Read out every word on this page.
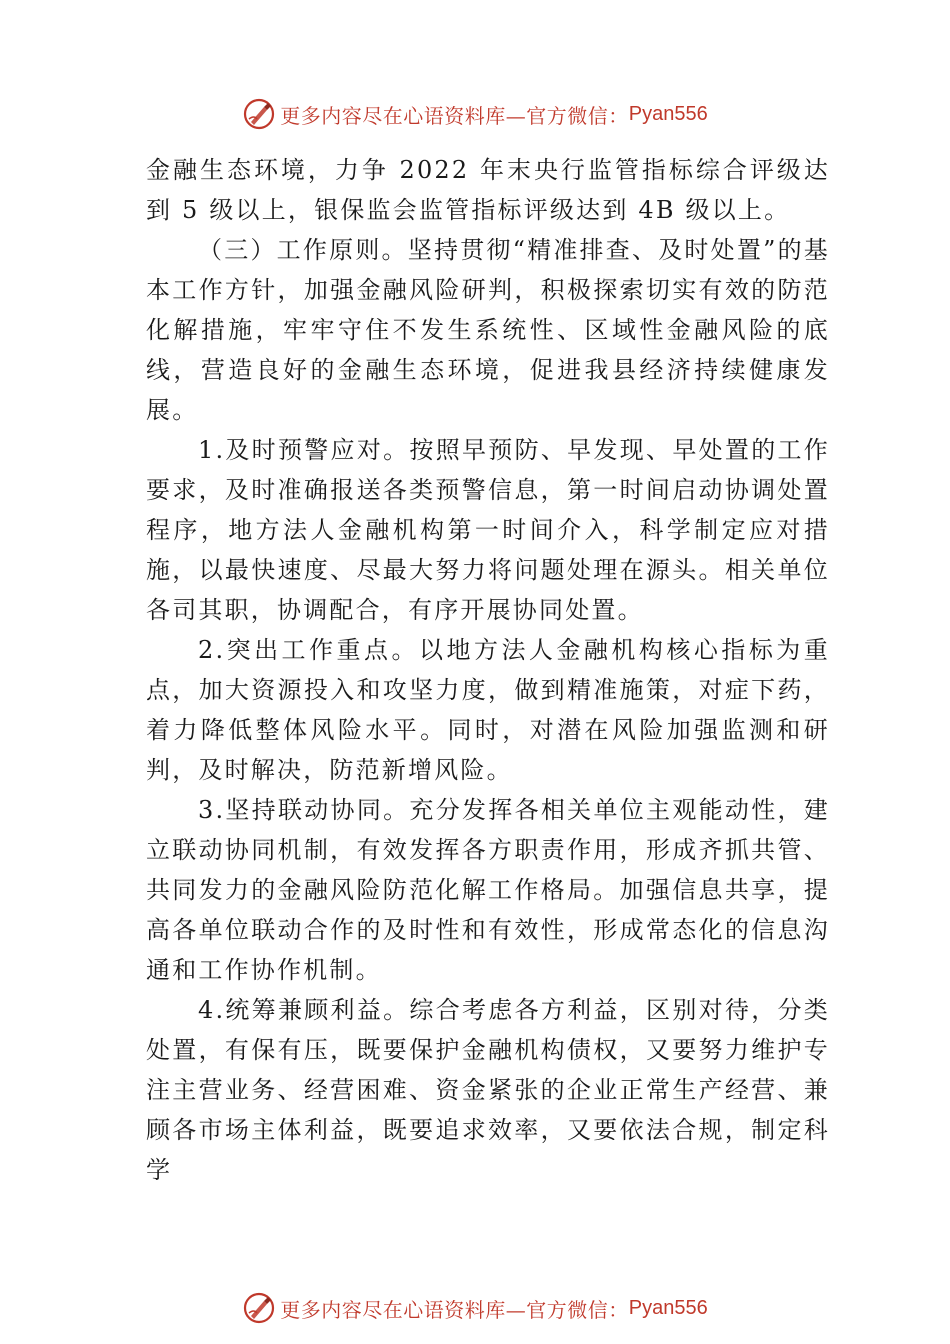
更多内容尽在心语资料库—官方微信： Pyan556

金融生态环境，力争 2022 年末央行监管指标综合评级达到 5 级以上，银保监会监管指标评级达到 4B 级以上。

（三）工作原则。坚持贯彻“精准排查、及时处置”的基本工作方针，加强金融风险研判，积极探索切实有效的防范化解措施，牢牢守住不发生系统性、区域性金融风险的底线，营造良好的金融生态环境，促进我县经济持续健康发展。

1.及时预警应对。按照早预防、早发现、早处置的工作要求，及时准确报送各类预警信息，第一时间启动协调处置程序，地方法人金融机构第一时间介入，科学制定应对措施，以最快速度、尽最大努力将问题处理在源头。相关单位各司其职，协调配合，有序开展协同处置。

2.突出工作重点。以地方法人金融机构核心指标为重点，加大资源投入和攻坚力度，做到精准施策，对症下药，着力降低整体风险水平。同时，对潜在风险加强监测和研判，及时解决，防范新增风险。

3.坚持联动协同。充分发挥各相关单位主观能动性，建立联动协同机制，有效发挥各方职责作用，形成齐抓共管、共同发力的金融风险防范化解工作格局。加强信息共享，提高各单位联动合作的及时性和有效性，形成常态化的信息沟通和工作协作机制。

4.统筹兼顾利益。综合考虑各方利益，区别对待，分类处置，有保有压，既要保护金融机构债权，又要努力维护专注主营业务、经营困难、资金紧张的企业正常生产经营、兼顾各市场主体利益，既要追求效率，又要依法合规，制定科学

更多内容尽在心语资料库—官方微信： Pyan556
